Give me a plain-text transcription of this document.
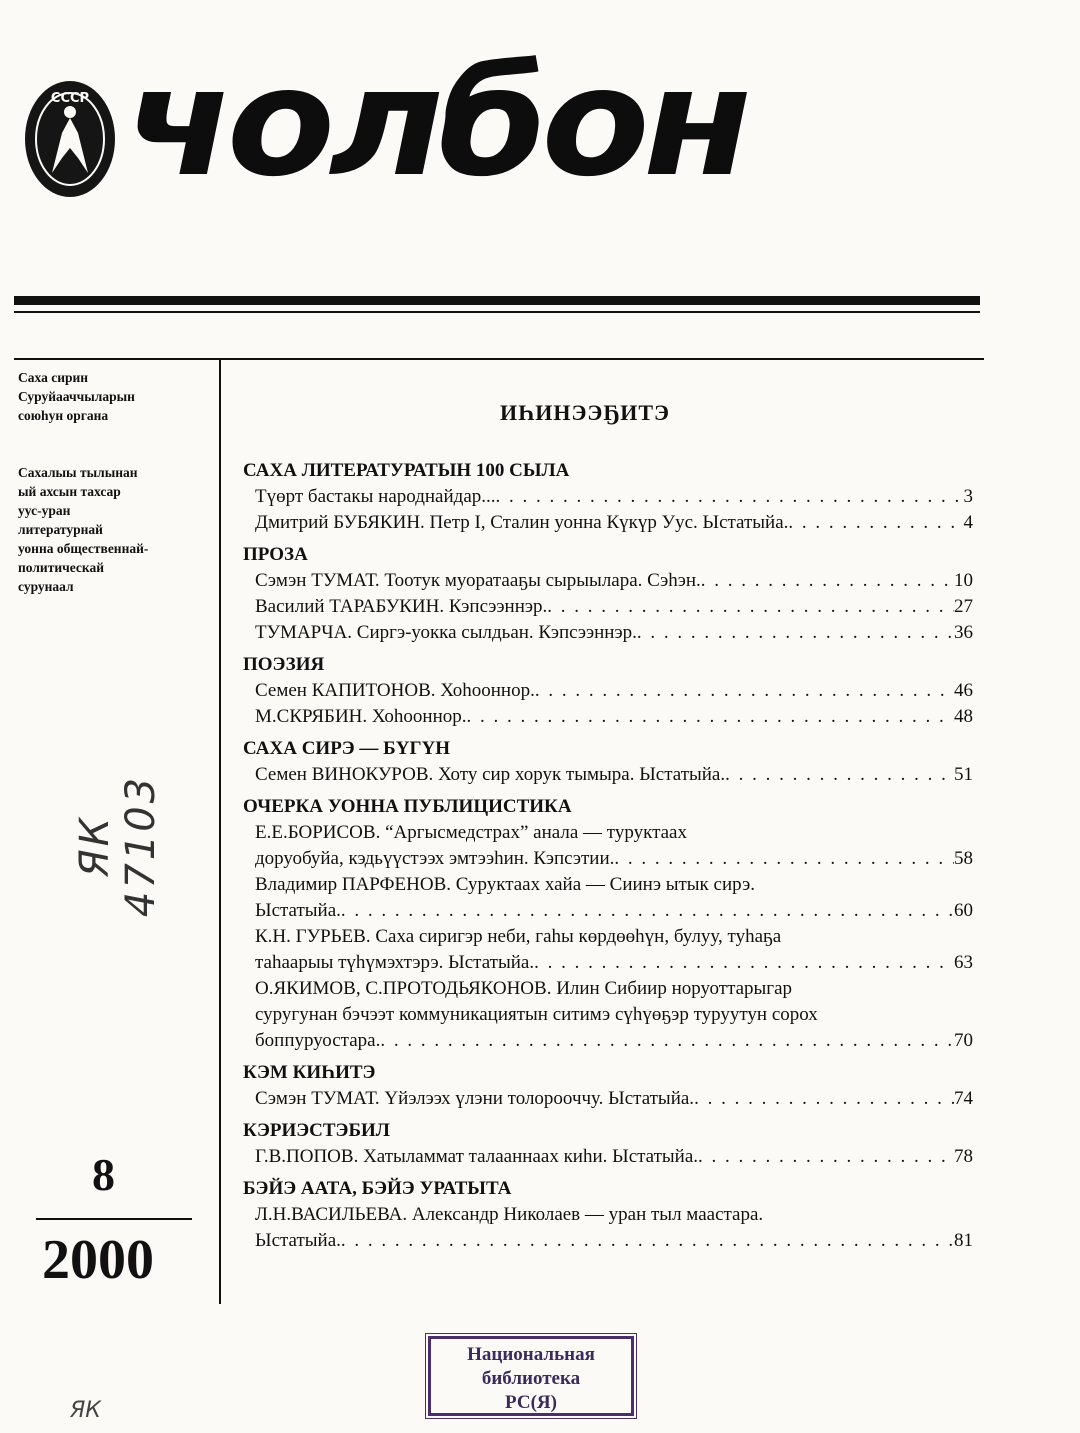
СССР чолбон

Саха сирин

Суруйааччыларын

союһун органа

Сахалыы тылынан

ый ахсын тахсар

уус-уран

литературнай

уонна общественнай-

политическай

сурунаал

ЯК 47103
ЯК
8
2000
ИҺИНЭЭҔИТЭ
САХА ЛИТЕРАТУРАТЫН 100 СЫЛА
Түөрт бастакы народнайдар... . . .	3
Дмитрий БУБЯКИН. Петр I, Сталин уонна Күкүр Уус. Ыстатыйа. . . .	4
ПРОЗА
Сэмэн ТУМАТ. Тоотук муоратааҕы сырыылара. Сэһэн. . . .	10
Василий ТАРАБУКИН. Кэпсээннэр. . . .	27
ТУМАРЧА. Сиргэ-уокка сылдьан. Кэпсээннэр. . . .	36
ПОЭЗИЯ
Семен КАПИТОНОВ. Хоһооннор. . . .	46
М.СКРЯБИН. Хоһооннор. . . .	48
САХА СИРЭ — БҮГҮН
Семен ВИНОКУРОВ. Хоту сир хорук тымыра. Ыстатыйа. . . .	51
ОЧЕРКА УОННА ПУБЛИЦИСТИКА
Е.Е.БОРИСОВ. “Аргысмедстрах” анала — туруктаах
доруобуйа, кэдьүүстээх эмтээһин. Кэпсэтии. . . .	58
Владимир ПАРФЕНОВ. Суруктаах хайа — Сиинэ ытык сирэ.
Ыстатыйа. . . .	60
К.Н. ГУРЬЕВ. Саха сиригэр неби, гаһы көрдөөһүн, булуу, туһаҕа
таһаарыы түһүмэхтэрэ. Ыстатыйа. . . .	63
О.ЯКИМОВ, С.ПРОТОДЬЯКОНОВ. Илин Сибиир норуоттарыгар
суругунан бэчээт коммуникациятын ситимэ сүһүөҕэр туруутун сорох
боппуруостара. . . .	70
КЭМ КИҺИТЭ
Сэмэн ТУМАТ. Үйэлээх үлэни толорооччу. Ыстатыйа. . . .	74
КЭРИЭСТЭБИЛ
Г.В.ПОПОВ. Хатыламмат талааннаах киһи. Ыстатыйа. . . .	78
БЭЙЭ ААТА, БЭЙЭ УРАТЫТА
Л.Н.ВАСИЛЬЕВА. Александр Николаев — уран тыл маастара.
Ыстатыйа. . . .	81

Национальная

библиотека

РС(Я)
